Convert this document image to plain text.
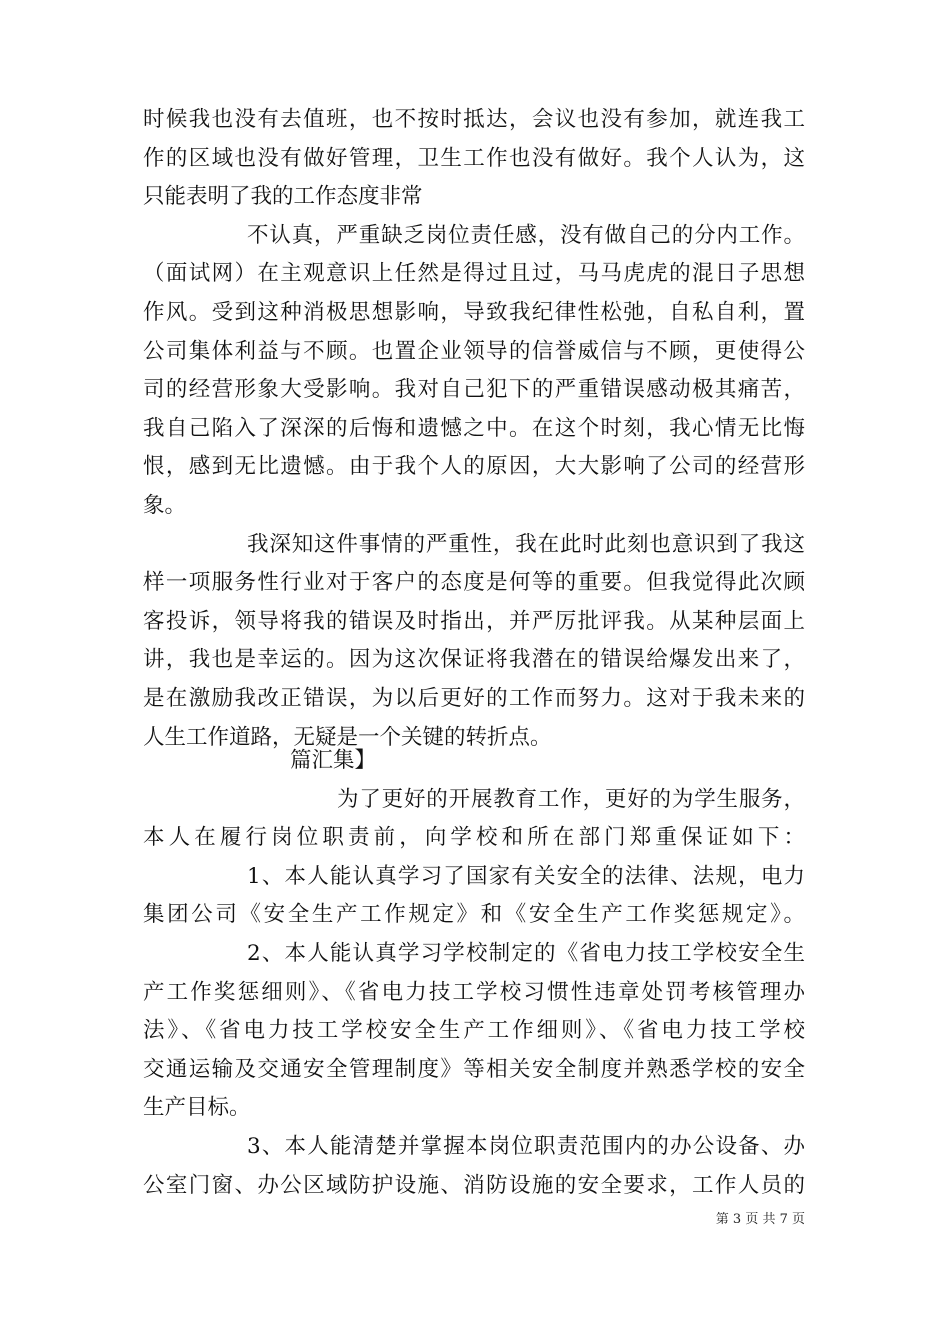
时候我也没有去值班，也不按时抵达，会议也没有参加，就连我工
作的区域也没有做好管理，卫生工作也没有做好。我个人认为，这
只能表明了我的工作态度非常
不认真，严重缺乏岗位责任感，没有做自己的分内工作。
（面试网）在主观意识上任然是得过且过，马马虎虎的混日子思想
作风。受到这种消极思想影响，导致我纪律性松弛，自私自利，置
公司集体利益与不顾。也置企业领导的信誉威信与不顾，更使得公
司的经营形象大受影响。我对自己犯下的严重错误感动极其痛苦，
我自己陷入了深深的后悔和遗憾之中。在这个时刻，我心情无比悔
恨，感到无比遗憾。由于我个人的原因，大大影响了公司的经营形
象。
我深知这件事情的严重性，我在此时此刻也意识到了我这
样一项服务性行业对于客户的态度是何等的重要。但我觉得此次顾
客投诉，领导将我的错误及时指出，并严厉批评我。从某种层面上
讲，我也是幸运的。因为这次保证将我潜在的错误给爆发出来了，
是在激励我改正错误，为以后更好的工作而努力。这对于我未来的
人生工作道路，无疑是一个关键的转折点。
篇汇集】
为了更好的开展教育工作，更好的为学生服务，
本人在履行岗位职责前，向学校和所在部门郑重保证如下：
1、本人能认真学习了国家有关安全的法律、法规，电力
集团公司《安全生产工作规定》和《安全生产工作奖惩规定》。
2、本人能认真学习学校制定的《省电力技工学校安全生
产工作奖惩细则》、《省电力技工学校习惯性违章处罚考核管理办
法》、《省电力技工学校安全生产工作细则》、《省电力技工学校
交通运输及交通安全管理制度》等相关安全制度并熟悉学校的安全
生产目标。
3、本人能清楚并掌握本岗位职责范围内的办公设备、办
公室门窗、办公区域防护设施、消防设施的安全要求，工作人员的
第 3 页 共 7 页
